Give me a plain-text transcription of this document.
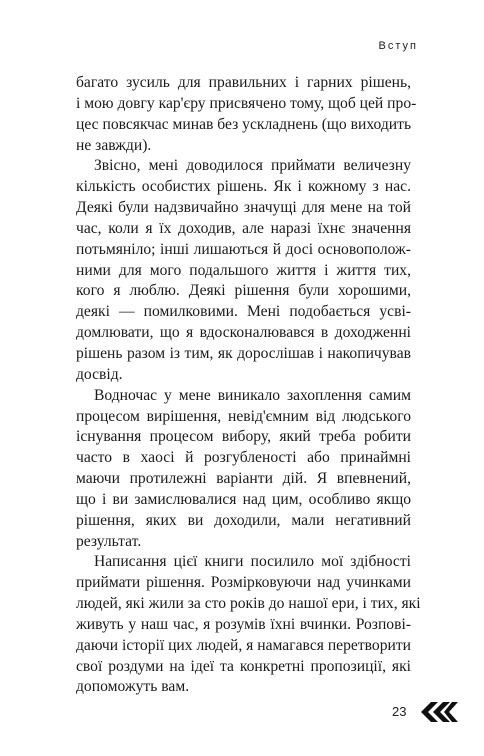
Вступ

багато зусиль для правильних і гарних рішень,
і мою довгу кар'єру присвячено тому, щоб цей про-
цес повсякчас минав без ускладнень (що виходить
не завжди).

Звісно, мені доводилося приймати величезну
кількість особистих рішень. Як і кожному з нас.
Деякі були надзвичайно значущі для мене на той
час, коли я їх доходив, але наразі їхнє значення
потьмяніло; інші лишаються й досі основополож-
ними для мого подальшого життя і життя тих,
кого я люблю. Деякі рішення були хорошими,
деякі — помилковими. Мені подобається усві-
домлювати, що я вдосконалювався в доходженні
рішень разом із тим, як дорослішав і накопичував
досвід.

Водночас у мене виникало захоплення самим
процесом вирішення, невід'ємним від людського
існування процесом вибору, який треба робити
часто в хаосі й розгубленості або принаймні
маючи протилежні варіанти дій. Я впевнений,
що і ви замислювалися над цим, особливо якщо
рішення, яких ви доходили, мали негативний
результат.

Написання цієї книги посилило мої здібності
приймати рішення. Розмірковуючи над учинками
людей, які жили за сто років до нашої ери, і тих, які
живуть у наш час, я розумів їхні вчинки. Розпові-
даючи історії цих людей, я намагався перетворити
свої роздуми на ідеї та конкретні пропозиції, які
допоможуть вам.

23
